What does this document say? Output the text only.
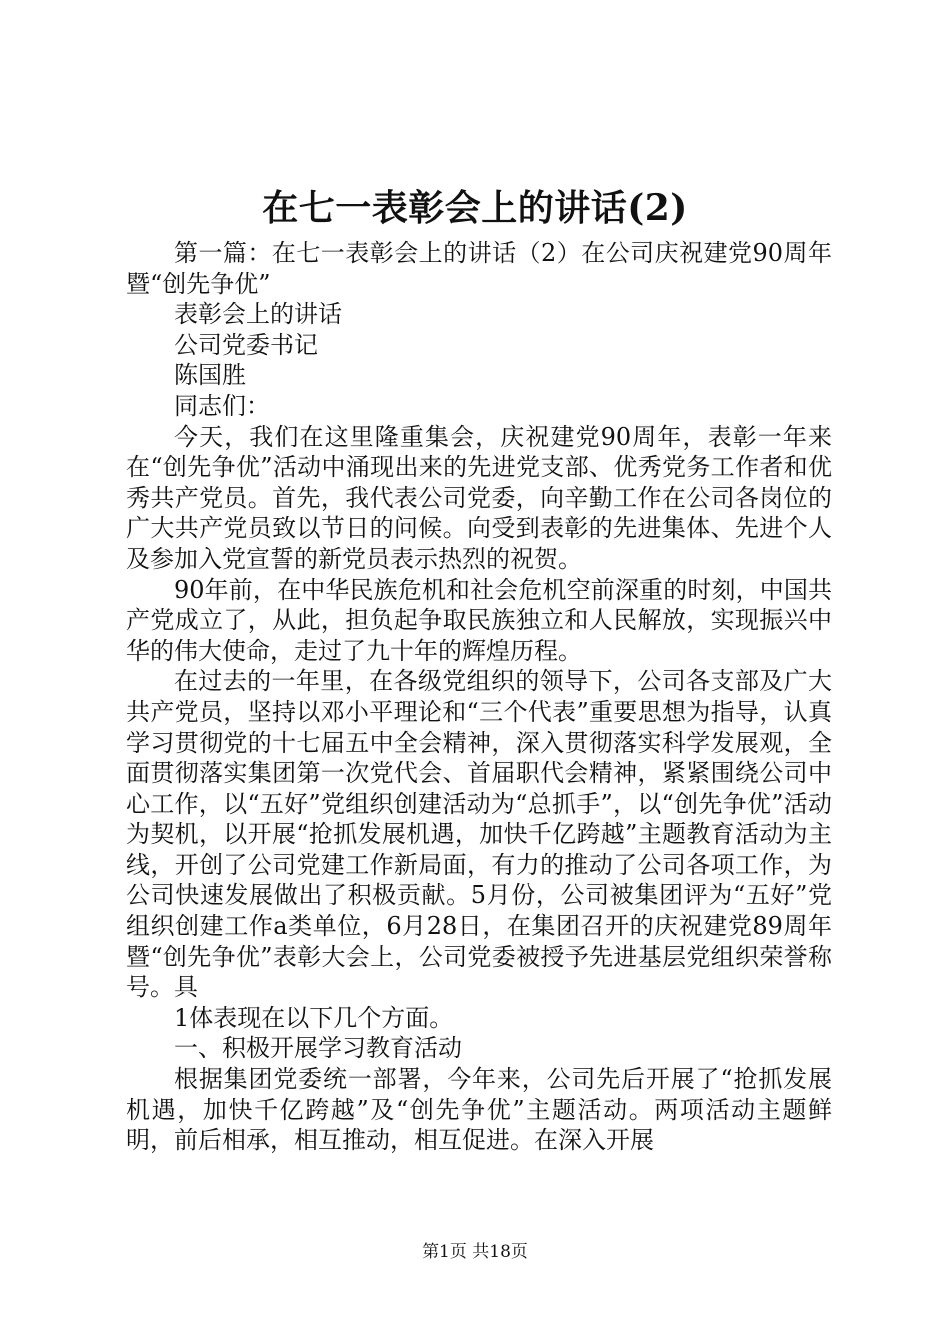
在七一表彰会上的讲话(2)

第一篇：在七一表彰会上的讲话（2）在公司庆祝建党90周年暨“创先争优”

表彰会上的讲话

公司党委书记

陈国胜

同志们：

今天，我们在这里隆重集会，庆祝建党90周年，表彰一年来在“创先争优”活动中涌现出来的先进党支部、优秀党务工作者和优秀共产党员。首先，我代表公司党委，向辛勤工作在公司各岗位的广大共产党员致以节日的问候。向受到表彰的先进集体、先进个人及参加入党宣誓的新党员表示热烈的祝贺。

90年前，在中华民族危机和社会危机空前深重的时刻，中国共产党成立了，从此，担负起争取民族独立和人民解放，实现振兴中华的伟大使命，走过了九十年的辉煌历程。

在过去的一年里，在各级党组织的领导下，公司各支部及广大共产党员，坚持以邓小平理论和“三个代表”重要思想为指导，认真学习贯彻党的十七届五中全会精神，深入贯彻落实科学发展观，全面贯彻落实集团第一次党代会、首届职代会精神，紧紧围绕公司中心工作，以“五好”党组织创建活动为“总抓手”，以“创先争优”活动为契机，以开展“抢抓发展机遇，加快千亿跨越”主题教育活动为主线，开创了公司党建工作新局面，有力的推动了公司各项工作，为公司快速发展做出了积极贡献。5月份，公司被集团评为“五好”党组织创建工作a类单位，6月28日，在集团召开的庆祝建党89周年暨“创先争优”表彰大会上，公司党委被授予先进基层党组织荣誉称号。具

1体表现在以下几个方面。

一、积极开展学习教育活动

根据集团党委统一部署，今年来，公司先后开展了“抢抓发展机遇，加快千亿跨越”及“创先争优”主题活动。两项活动主题鲜明，前后相承，相互推动，相互促进。在深入开展

第1页 共18页
